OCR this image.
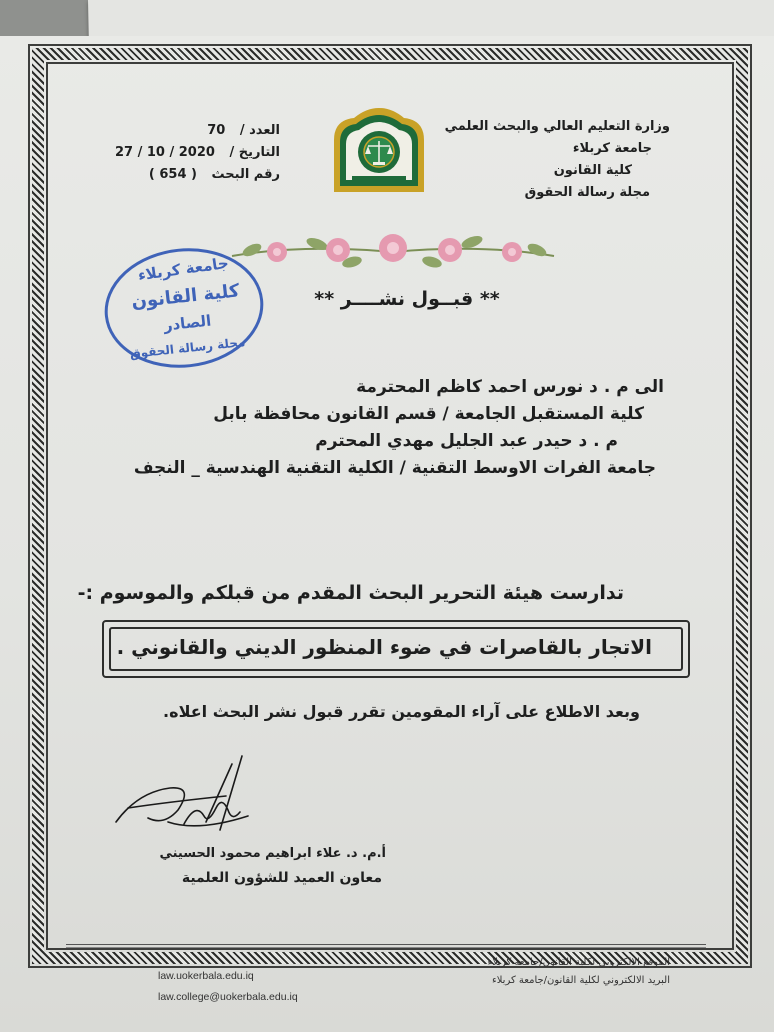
وزارة التعليم العالي والبحث العلمي
جامعة كربلاء
كلية القانون
مجلة رسالة الحقوق
العدد / 70
التاريخ / 27 / 10 / 2020
رقم البحث ( 654 )
جامعة كربلاء
كلية القانون
الصادر
مجلة رسالة الحقوق
** قبــول نشــــر **
الى م . د نورس احمد كاظم المحترمة
كلية المستقبل الجامعة / قسم القانون محافظة بابل
م . د حيدر عبد الجليل مهدي المحترم
جامعة الفرات الاوسط التقنية / الكلية التقنية الهندسية _ النجف
تدارست هيئة التحرير البحث المقدم من قبلكم والموسوم :-
الاتجار بالقاصرات في ضوء المنظور الديني والقانوني .
وبعد الاطلاع على آراء المقومين تقرر قبول نشر البحث اعلاه.
أ.م. د. علاء ابراهيم محمود الحسيني
معاون العميد للشؤون العلمية
الموقع الالكتروني لكلية القانون/جامعة كربلاء
البريد الالكتروني لكلية القانون/جامعة كربلاء
law.uokerbala.edu.iq
law.college@uokerbala.edu.iq
